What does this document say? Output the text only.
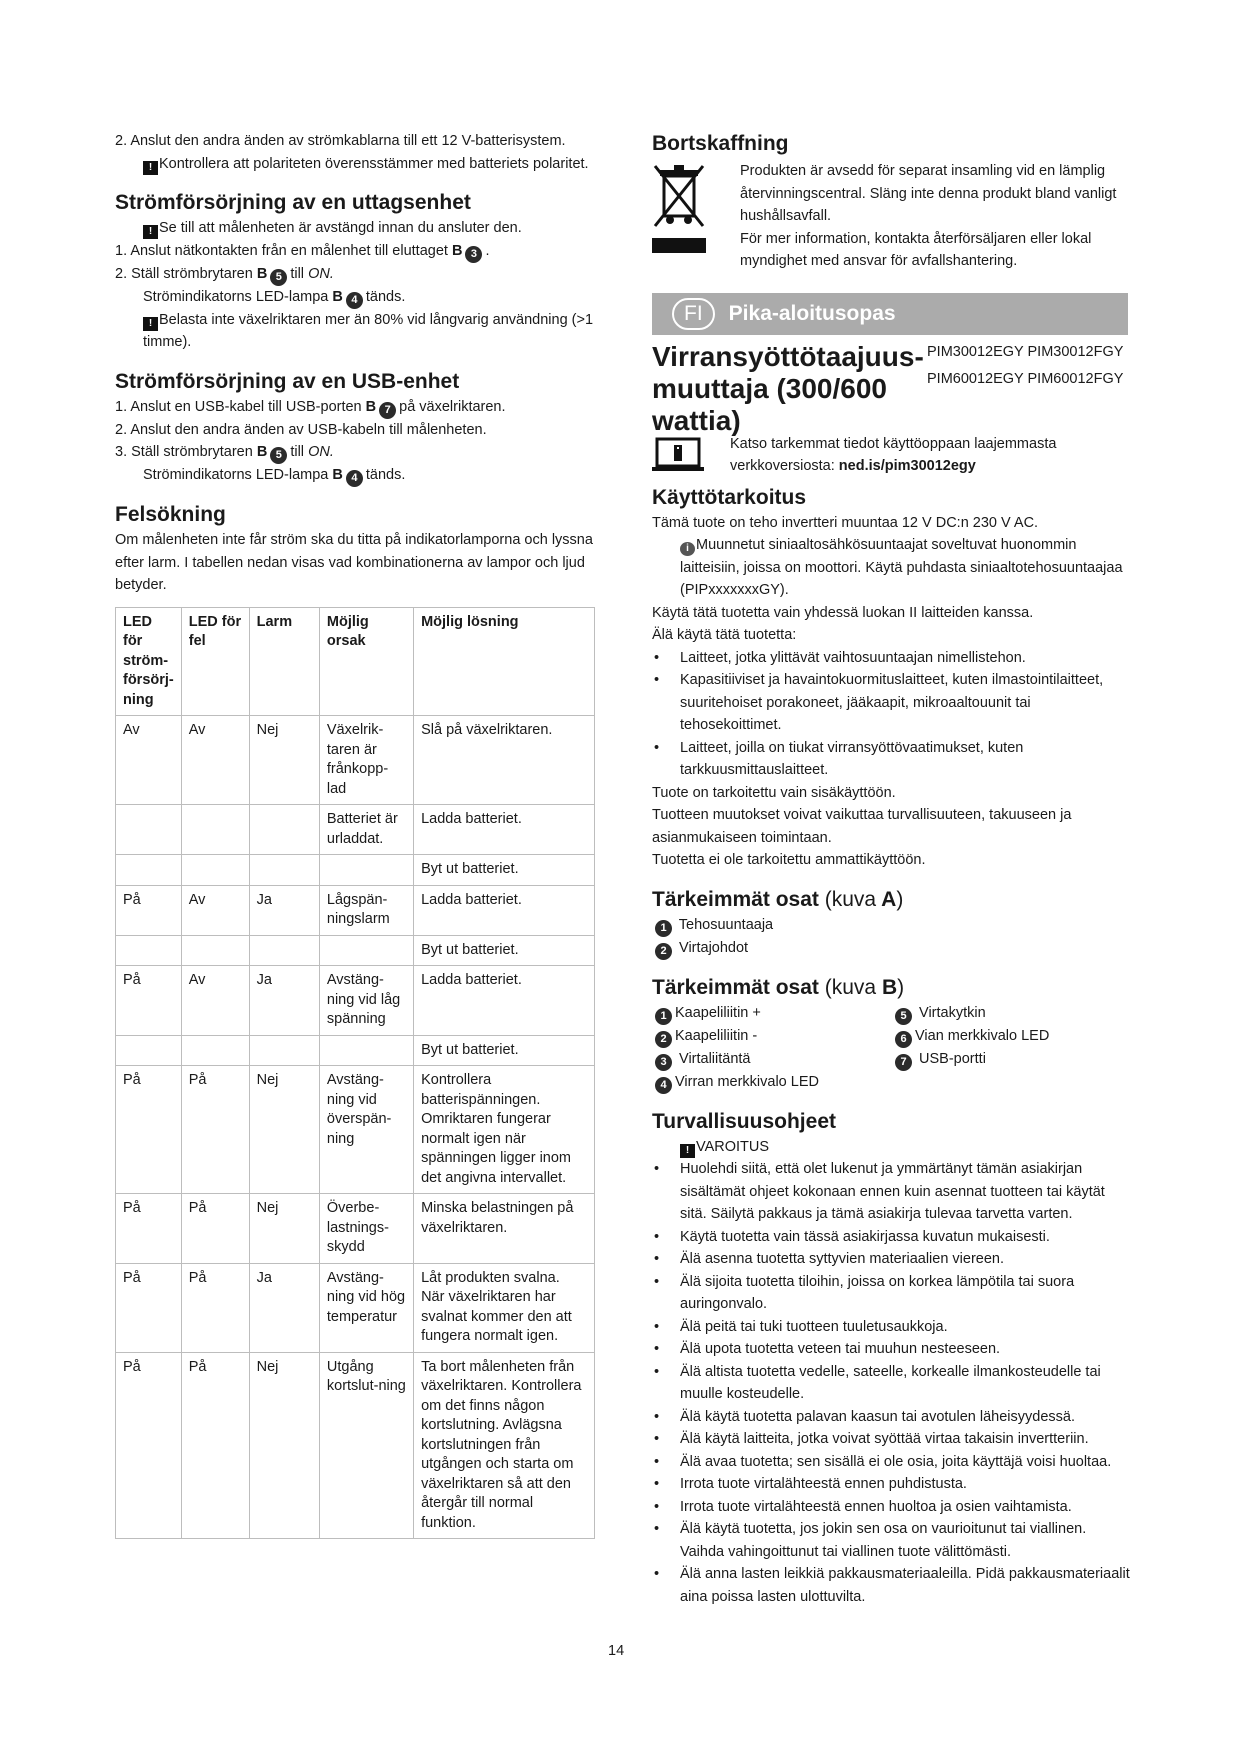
2. Anslut den andra änden av strömkablarna till ett 12 V-batterisystem.

! Kontrollera att polariteten överensstämmer med batteriets polaritet.

Strömförsörjning av en uttagsenhet

! Se till att målenheten är avstängd innan du ansluter den.

1. Anslut nätkontakten från en målenhet till eluttaget B 3 .

2. Ställ strömbrytaren B 5 till ON.

Strömindikatorns LED-lampa B 4 tänds.

! Belasta inte växelriktaren mer än 80% vid långvarig användning (>1 timme).

Strömförsörjning av en USB-enhet

1. Anslut en USB-kabel till USB-porten B 7 på växelriktaren.

2. Anslut den andra änden av USB-kabeln till målenheten.

3. Ställ strömbrytaren B 5 till ON.

Strömindikatorns LED-lampa B 4 tänds.

Felsökning

Om målenheten inte får ström ska du titta på indikatorlamporna och lyssna efter larm. I tabellen nedan visas vad kombinationerna av lampor och ljud betyder.

LED för ström-försörj-ning	LED för fel	Larm	Möjlig orsak	Möjlig lösning
Av	Av	Nej	Växelrik-taren är frånkopp-lad	Slå på växelriktaren.
			Batteriet är urladdat.	Ladda batteriet.
				Byt ut batteriet.
På	Av	Ja	Lågspän-ningslarm	Ladda batteriet.
				Byt ut batteriet.
På	Av	Ja	Avstäng-ning vid låg spänning	Ladda batteriet.
				Byt ut batteriet.
På	På	Nej	Avstäng-ning vid överspän-ning	Kontrollera batterispänningen. Omriktaren fungerar normalt igen när spänningen ligger inom det angivna intervallet.
På	På	Nej	Överbe-lastnings-skydd	Minska belastningen på växelriktaren.
På	På	Ja	Avstäng-ning vid hög temperatur	Låt produkten svalna. När växelriktaren har svalnat kommer den att fungera normalt igen.
På	På	Nej	Utgång kortslut-ning	Ta bort målenheten från växelriktaren. Kontrollera om det finns någon kortslutning. Avlägsna kortslutningen från utgången och starta om växelriktaren så att den återgår till normal funktion.
Bortskaffning

Produkten är avsedd för separat insamling vid en lämplig återvinningscentral. Släng inte denna produkt bland vanligt hushållsavfall.

För mer information, kontakta återförsäljaren eller lokal myndighet med ansvar för avfallshantering.

FI Pika-aloitusopas
Virransyöttötaajuus-muuttaja (300/600 wattia)
PIM30012EGY PIM30012FGY
PIM60012EGY PIM60012FGY

Katso tarkemmat tiedot käyttöoppaan laajemmasta verkkoversiosta: ned.is/pim30012egy

Käyttötarkoitus

Tämä tuote on teho invertteri muuntaa 12 V DC:n 230 V AC.

i Muunnetut siniaaltosähkösuuntaajat soveltuvat huonommin laitteisiin, joissa on moottori. Käytä puhdasta siniaaltotehosuuntaajaa (PIPxxxxxxxGY).

Käytä tätä tuotetta vain yhdessä luokan II laitteiden kanssa.

Älä käytä tätä tuotetta:

• Laitteet, jotka ylittävät vaihtosuuntaajan nimellistehon.
• Kapasitiiviset ja havaintokuormituslaitteet, kuten ilmastointilaitteet, suuritehoiset porakoneet, jääkaapit, mikroaaltouunit tai tehosekoittimet.
• Laitteet, joilla on tiukat virransyöttövaatimukset, kuten tarkkuusmittauslaitteet.

Tuote on tarkoitettu vain sisäkäyttöön.

Tuotteen muutokset voivat vaikuttaa turvallisuuteen, takuuseen ja asianmukaiseen toimintaan.

Tuotetta ei ole tarkoitettu ammattikäyttöön.

Tärkeimmät osat (kuva A)

1 Tehosuuntaaja

2 Virtajohdot

Tärkeimmät osat (kuva B)

1 Kaapeliliitin +

2 Kaapeliliitin -

3 Virtaliitäntä

4 Virran merkkivalo LED

5 Virtakytkin

6 Vian merkkivalo LED

7 USB-portti

Turvallisuusohjeet

! VAROITUS

• Huolehdi siitä, että olet lukenut ja ymmärtänyt tämän asiakirjan sisältämät ohjeet kokonaan ennen kuin asennat tuotteen tai käytät sitä. Säilytä pakkaus ja tämä asiakirja tulevaa tarvetta varten.
• Käytä tuotetta vain tässä asiakirjassa kuvatun mukaisesti.
• Älä asenna tuotetta syttyvien materiaalien viereen.
• Älä sijoita tuotetta tiloihin, joissa on korkea lämpötila tai suora auringonvalo.
• Älä peitä tai tuki tuotteen tuuletusaukkoja.
• Älä upota tuotetta veteen tai muuhun nesteeseen.
• Älä altista tuotetta vedelle, sateelle, korkealle ilmankosteudelle tai muulle kosteudelle.
• Älä käytä tuotetta palavan kaasun tai avotulen läheisyydessä.
• Älä käytä laitteita, jotka voivat syöttää virtaa takaisin invertteriin.
• Älä avaa tuotetta; sen sisällä ei ole osia, joita käyttäjä voisi huoltaa.
• Irrota tuote virtalähteestä ennen puhdistusta.
• Irrota tuote virtalähteestä ennen huoltoa ja osien vaihtamista.
• Älä käytä tuotetta, jos jokin sen osa on vaurioitunut tai viallinen. Vaihda vahingoittunut tai viallinen tuote välittömästi.
• Älä anna lasten leikkiä pakkausmateriaaleilla. Pidä pakkausmateriaalit aina poissa lasten ulottuvilta.
14
